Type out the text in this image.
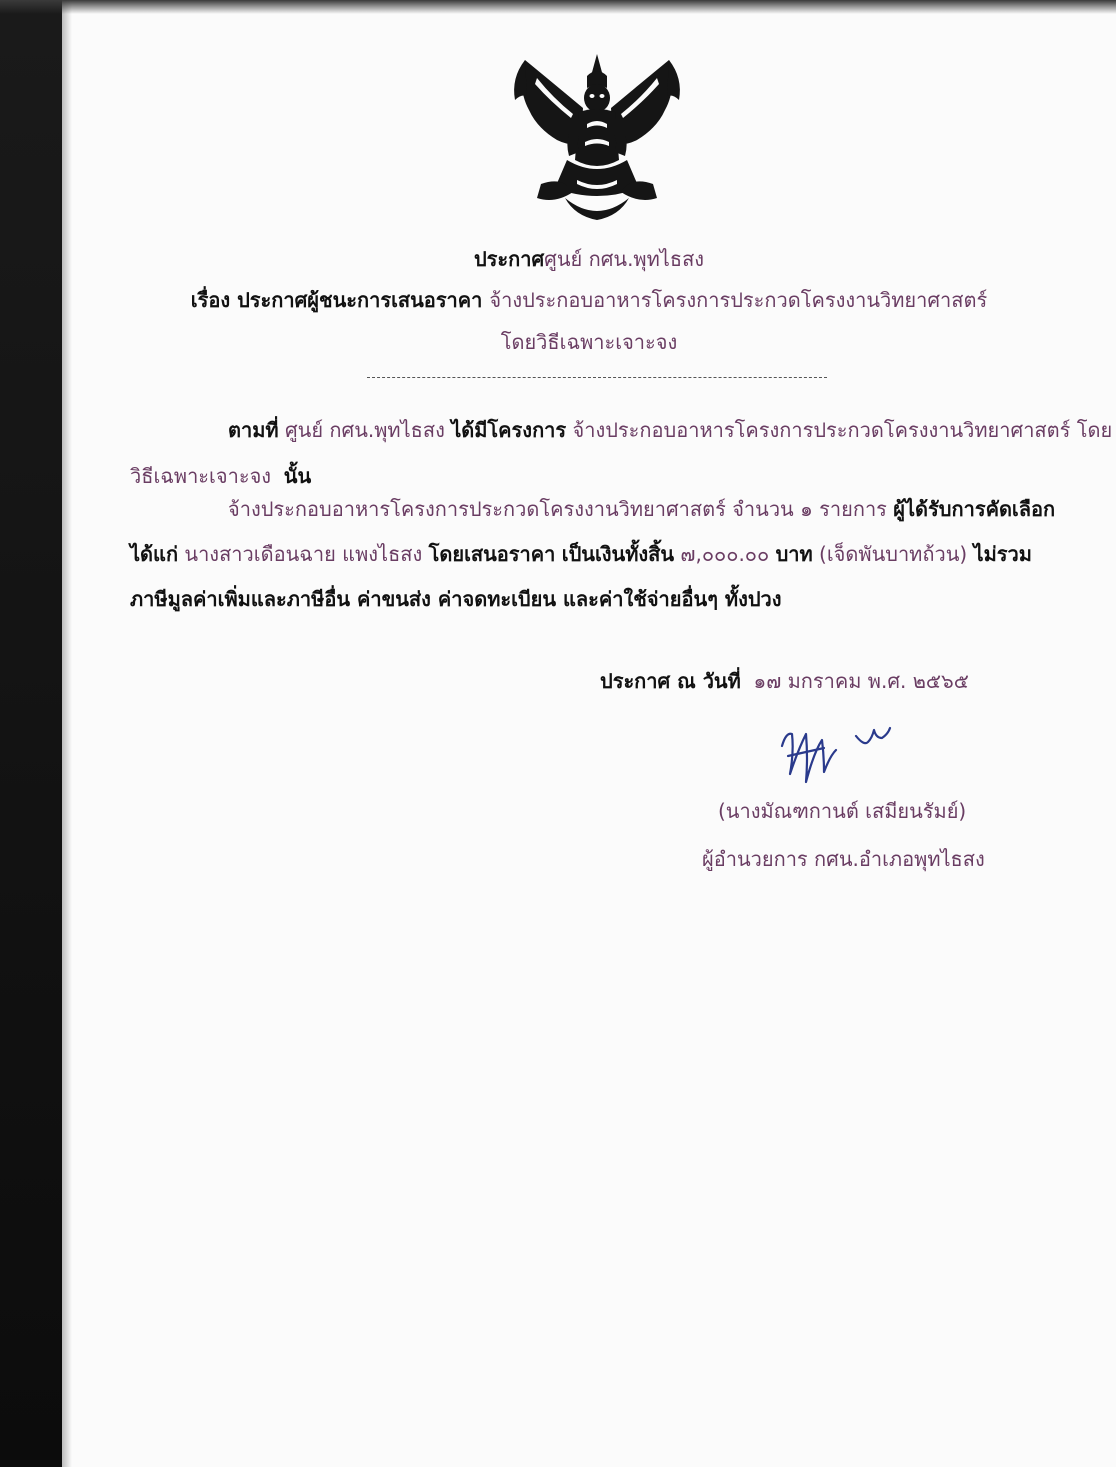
ประกาศศูนย์ กศน.พุทไธสง
เรื่อง ประกาศผู้ชนะการเสนอราคา จ้างประกอบอาหารโครงการประกวดโครงงานวิทยาศาสตร์
โดยวิธีเฉพาะเจาะจง
ตามที่ ศูนย์ กศน.พุทไธสง ได้มีโครงการ จ้างประกอบอาหารโครงการประกวดโครงงานวิทยาศาสตร์ โดย
วิธีเฉพาะเจาะจง นั้น
จ้างประกอบอาหารโครงการประกวดโครงงานวิทยาศาสตร์ จำนวน ๑ รายการ ผู้ได้รับการคัดเลือก
ได้แก่ นางสาวเดือนฉาย แพงไธสง โดยเสนอราคา เป็นเงินทั้งสิ้น ๗,๐๐๐.๐๐ บาท (เจ็ดพันบาทถ้วน) ไม่รวม
ภาษีมูลค่าเพิ่มและภาษีอื่น ค่าขนส่ง ค่าจดทะเบียน และค่าใช้จ่ายอื่นๆ ทั้งปวง
ประกาศ ณ วันที่ ๑๗ มกราคม พ.ศ. ๒๕๖๕
(นางมัณฑกานต์ เสมียนรัมย์)
ผู้อำนวยการ กศน.อำเภอพุทไธสง
